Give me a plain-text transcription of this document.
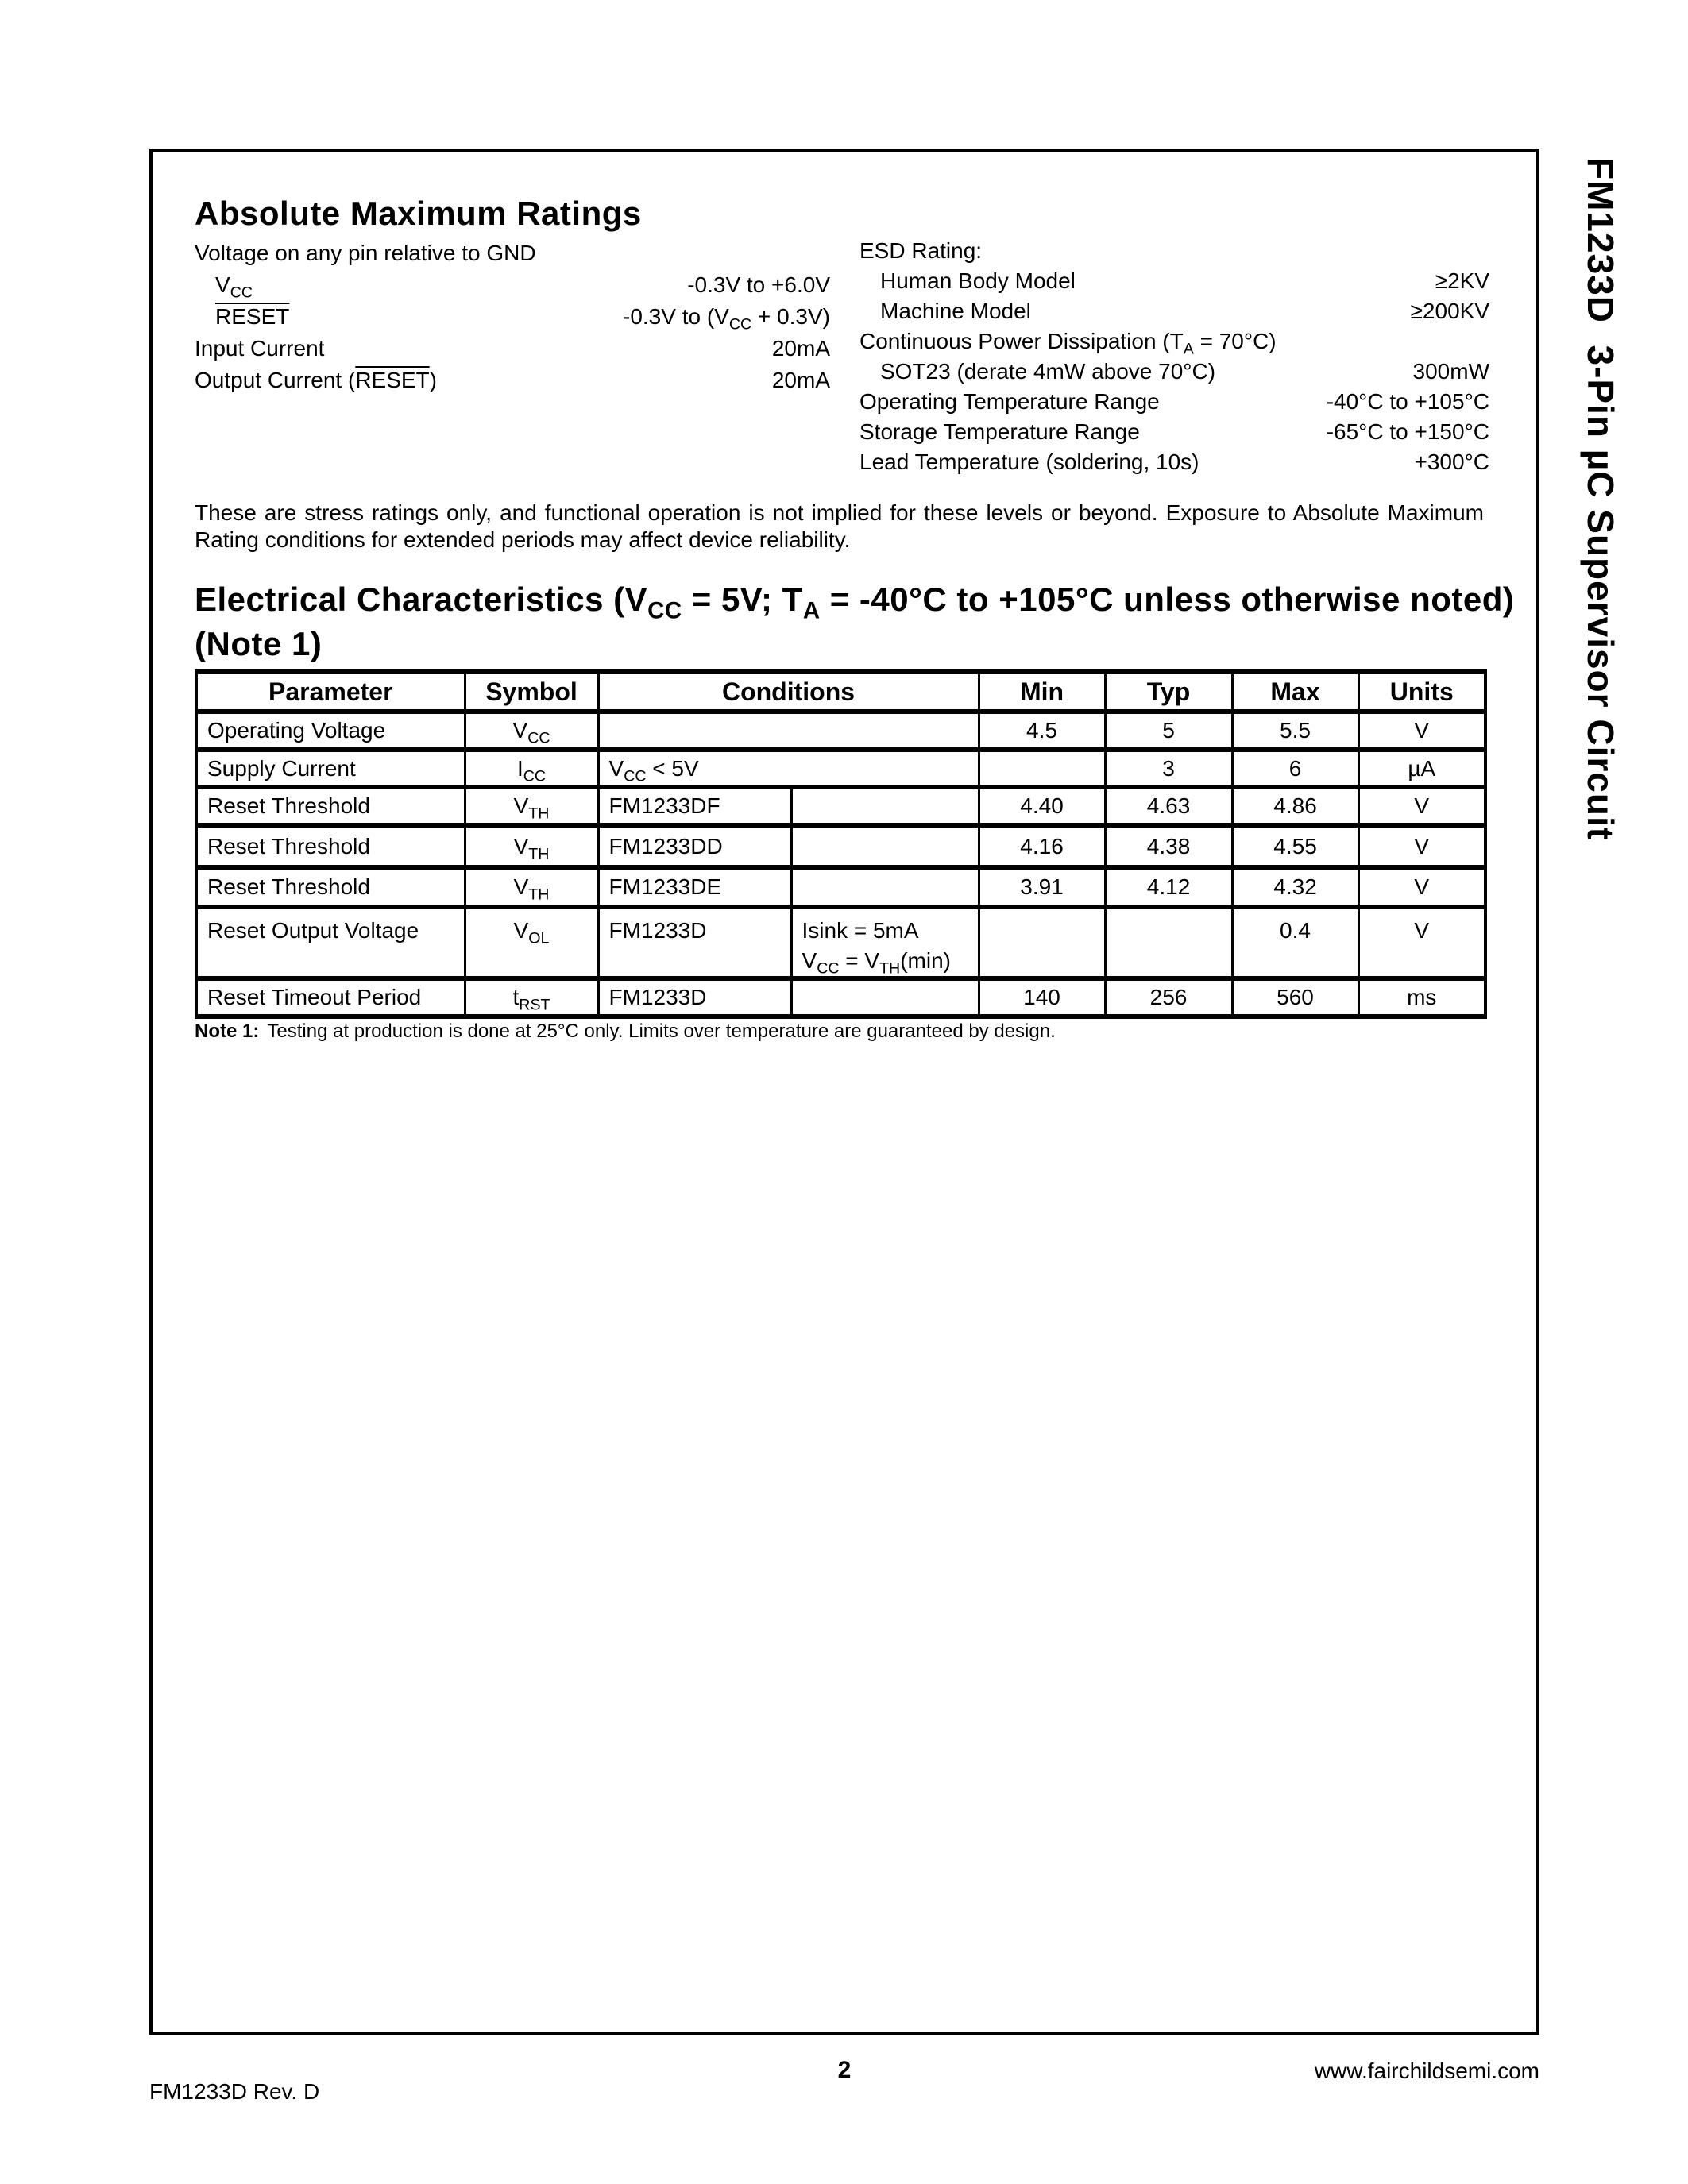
Absolute Maximum Ratings
Voltage on any pin relative to GND
$V_{CC}$	-0.3V to +6.0V
RESET	-0.3V to $(V_{CC} + 0.3V)$
Input Current	20mA
Output Current (RESET)	20mA
ESD Rating:
Human Body Model	≥2KV
Machine Model	≥200KV
Continuous Power Dissipation $(T_A = 70^\circ C)$
SOT23 (derate 4mW above 70°C)	300mW
Operating Temperature Range	-40°C to +105°C
Storage Temperature Range	-65°C to +150°C
Lead Temperature (soldering, 10s)	+300°C
These are stress ratings only, and functional operation is not implied for these levels or beyond. Exposure to Absolute Maximum Rating conditions for extended periods may affect device reliability.
Electrical Characteristics ($V_{CC} = 5V$; $T_A = -40^\circ C$ to +105°C unless otherwise noted)
(Note 1)
Parameter	Symbol	Conditions		Min	Typ	Max	Units
Operating Voltage	$V_{CC}$			4.5	5	5.5	V
Supply Current	$I_{CC}$	$V_{CC} < 5V$			3	6	µA
Reset Threshold	$V_{TH}$	FM1233DF		4.40	4.63	4.86	V
Reset Threshold	$V_{TH}$	FM1233DD		4.16	4.38	4.55	V
Reset Threshold	$V_{TH}$	FM1233DE		3.91	4.12	4.32	V
Reset Output Voltage	$V_{OL}$	FM1233D	Isink = 5mA
$V_{CC} = V_{TH}(\min)$			0.4	V
Reset Timeout Period	$t_{RST}$	FM1233D		140	256	560	ms
Note 1: Testing at production is done at 25°C only. Limits over temperature are guaranteed by design.
FM1233D  3-Pin µC Supervisor Circuit
FM1233D Rev. D
2	www.fairchildsemi.com
